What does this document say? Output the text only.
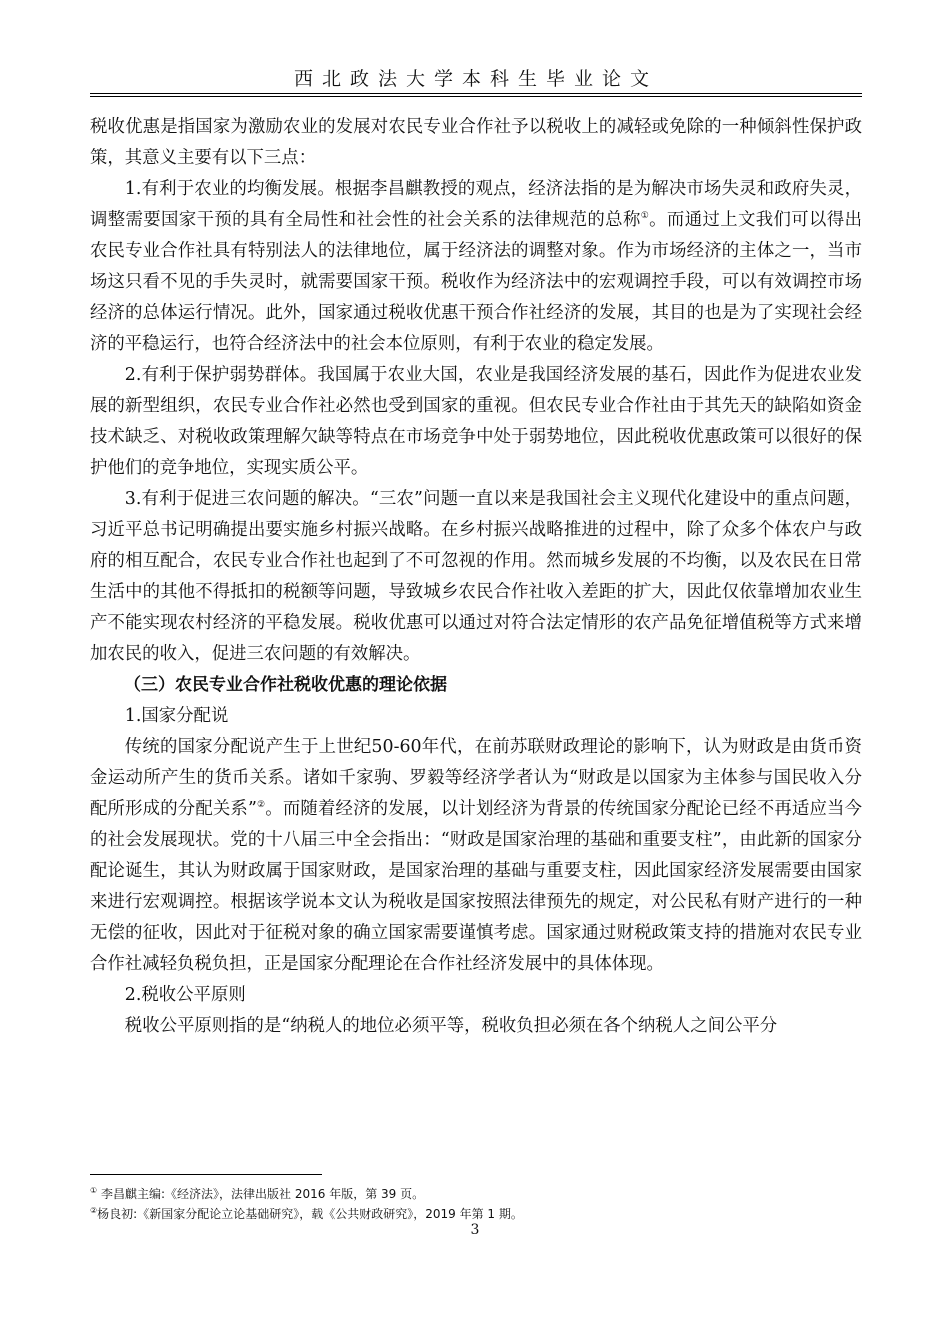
西北政法大学本科生毕业论文

税收优惠是指国家为激励农业的发展对农民专业合作社予以税收上的减轻或免除的一种倾斜性保护政策，其意义主要有以下三点：

1.有利于农业的均衡发展。根据李昌麒教授的观点，经济法指的是为解决市场失灵和政府失灵，调整需要国家干预的具有全局性和社会性的社会关系的法律规范的总称①。而通过上文我们可以得出农民专业合作社具有特别法人的法律地位，属于经济法的调整对象。作为市场经济的主体之一，当市场这只看不见的手失灵时，就需要国家干预。税收作为经济法中的宏观调控手段，可以有效调控市场经济的总体运行情况。此外，国家通过税收优惠干预合作社经济的发展，其目的也是为了实现社会经济的平稳运行，也符合经济法中的社会本位原则，有利于农业的稳定发展。

2.有利于保护弱势群体。我国属于农业大国，农业是我国经济发展的基石，因此作为促进农业发展的新型组织，农民专业合作社必然也受到国家的重视。但农民专业合作社由于其先天的缺陷如资金技术缺乏、对税收政策理解欠缺等特点在市场竞争中处于弱势地位，因此税收优惠政策可以很好的保护他们的竞争地位，实现实质公平。

3.有利于促进三农问题的解决。“三农”问题一直以来是我国社会主义现代化建设中的重点问题，习近平总书记明确提出要实施乡村振兴战略。在乡村振兴战略推进的过程中，除了众多个体农户与政府的相互配合，农民专业合作社也起到了不可忽视的作用。然而城乡发展的不均衡，以及农民在日常生活中的其他不得抵扣的税额等问题，导致城乡农民合作社收入差距的扩大，因此仅依靠增加农业生产不能实现农村经济的平稳发展。税收优惠可以通过对符合法定情形的农产品免征增值税等方式来增加农民的收入，促进三农问题的有效解决。

（三）农民专业合作社税收优惠的理论依据

1.国家分配说

传统的国家分配说产生于上世纪50-60年代，在前苏联财政理论的影响下，认为财政是由货币资金运动所产生的货币关系。诸如千家驹、罗毅等经济学者认为“财政是以国家为主体参与国民收入分配所形成的分配关系”②。而随着经济的发展，以计划经济为背景的传统国家分配论已经不再适应当今的社会发展现状。党的十八届三中全会指出：“财政是国家治理的基础和重要支柱”，由此新的国家分配论诞生，其认为财政属于国家财政，是国家治理的基础与重要支柱，因此国家经济发展需要由国家来进行宏观调控。根据该学说本文认为税收是国家按照法律预先的规定，对公民私有财产进行的一种无偿的征收，因此对于征税对象的确立国家需要谨慎考虑。国家通过财税政策支持的措施对农民专业合作社减轻负税负担，正是国家分配理论在合作社经济发展中的具体体现。

2.税收公平原则

税收公平原则指的是“纳税人的地位必须平等，税收负担必须在各个纳税人之间公平分

① 李昌麒主编:《经济法》，法律出版社 2016 年版，第 39 页。

②杨良初:《新国家分配论立论基础研究》，载《公共财政研究》，2019 年第 1 期。

3
